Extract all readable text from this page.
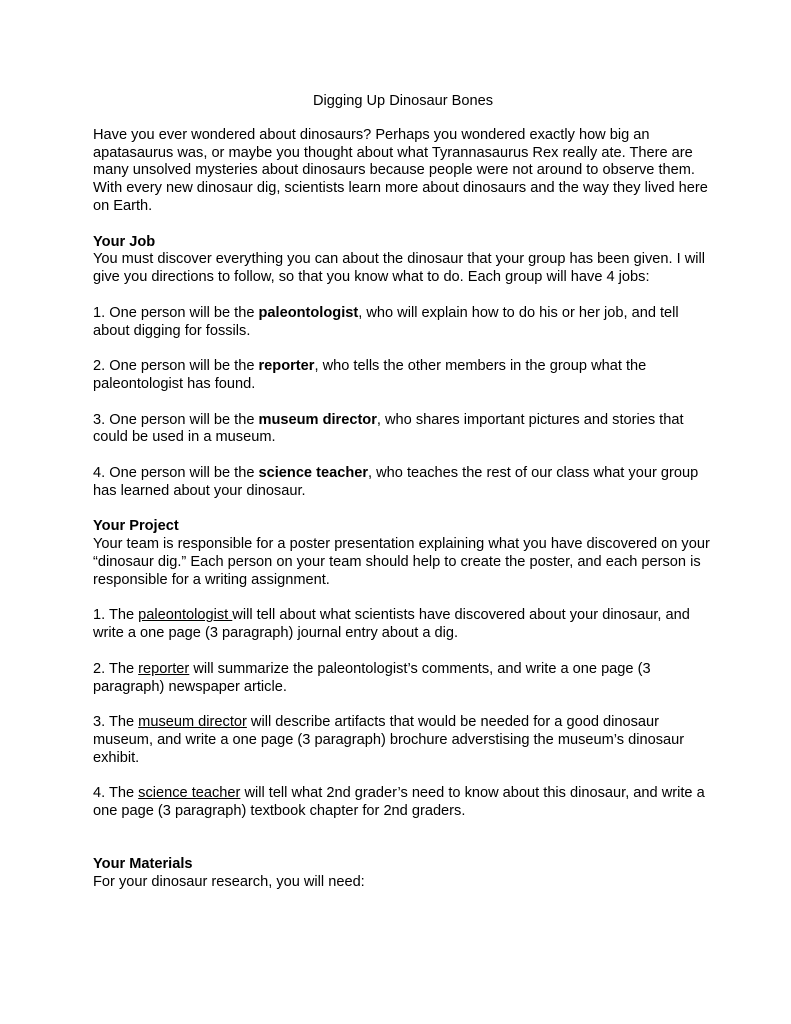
Digging Up Dinosaur Bones

Have you ever wondered about dinosaurs? Perhaps you wondered exactly how big an apatasaurus was, or maybe you thought about what Tyrannasaurus Rex really ate. There are many unsolved mysteries about dinosaurs because people were not around to observe them. With every new dinosaur dig, scientists learn more about dinosaurs and the way they lived here on Earth.

Your Job
You must discover everything you can about the dinosaur that your group has been given. I will give you directions to follow, so that you know what to do. Each group will have 4 jobs:

1. One person will be the paleontologist, who will explain how to do his or her job, and tell about digging for fossils.

2. One person will be the reporter, who tells the other members in the group what the paleontologist has found.

3. One person will be the museum director, who shares important pictures and stories that could be used in a museum.

4. One person will be the science teacher, who teaches the rest of our class what your group has learned about your dinosaur.

Your Project
Your team is responsible for a poster presentation explaining what you have discovered on your “dinosaur dig.” Each person on your team should help to create the poster, and each person is responsible for a writing assignment.

1. The paleontologist will tell about what scientists have discovered about your dinosaur, and write a one page (3 paragraph) journal entry about a dig.

2. The reporter will summarize the paleontologist’s comments, and write a one page (3 paragraph) newspaper article.

3. The museum director will describe artifacts that would be needed for a good dinosaur museum, and write a one page (3 paragraph) brochure adverstising the museum’s dinosaur exhibit.

4. The science teacher will tell what 2nd grader’s need to know about this dinosaur, and write a one page (3 paragraph) textbook chapter for 2nd graders.

Your Materials
For your dinosaur research, you will need:
